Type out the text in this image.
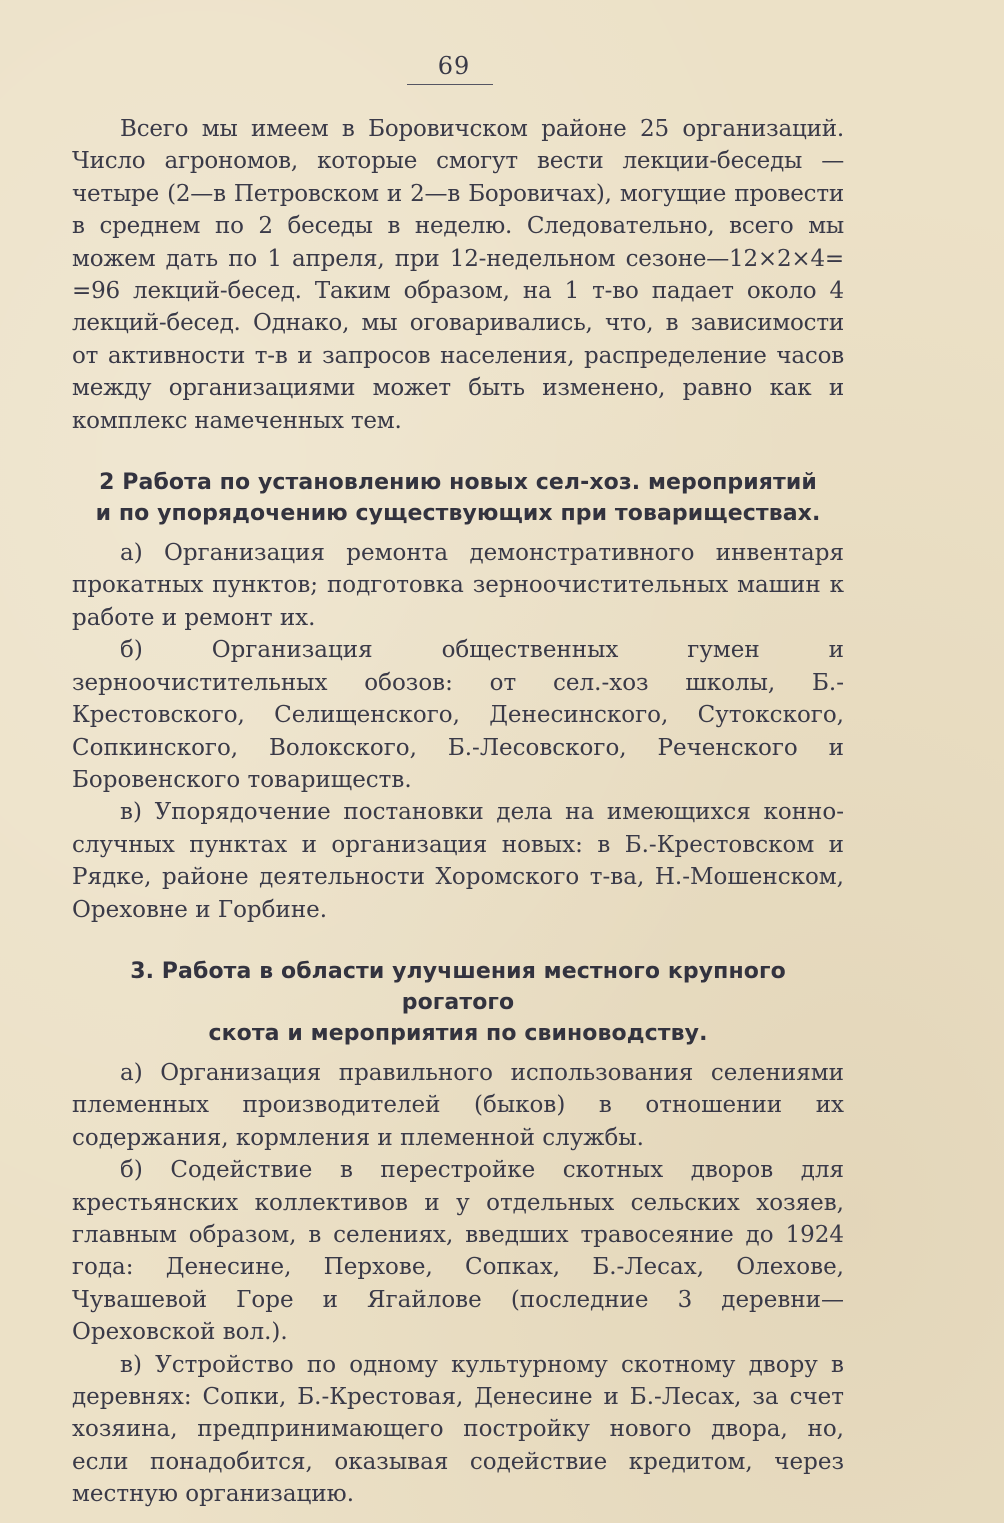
69

Всего мы имеем в Боровичском районе 25 организаций. Число агрономов, которые смогут вести лекции-беседы —четыре (2—в Петровском и 2—в Боровичах), могущие провести в среднем по 2 беседы в неделю. Следовательно, всего мы можем дать по 1 апреля, при 12-недельном сезоне—12×2×4= =96 лекций-бесед. Таким образом, на 1 т-во падает около 4 лекций-бесед. Однако, мы оговаривались, что, в зависимости от активности т-в и запросов населения, распределение часов между организациями может быть изменено, равно как и комплекс намеченных тем.

2 Работа по установлению новых сел-хоз. мероприятий
и по упорядочению существующих при товариществах.

а) Организация ремонта демонстративного инвентаря прокатных пунктов; подготовка зерноочистительных машин к работе и ремонт их.

б) Организация общественных гумен и зерноочистительных обозов: от сел.-хоз школы, Б.-Крестовского, Селищенского, Денесинского, Сутокского, Сопкинского, Волокского, Б.-Лесовского, Реченского и Боровенского товариществ.

в) Упорядочение постановки дела на имеющихся конно-случных пунктах и организация новых: в Б.-Крестовском и Рядке, районе деятельности Хоромского т-ва, Н.-Мошенском, Ореховне и Горбине.

3. Работа в области улучшения местного крупного рогатого
скота и мероприятия по свиноводству.

а) Организация правильного использования селениями племенных производителей (быков) в отношении их содержания, кормления и племенной службы.

б) Содействие в перестройке скотных дворов для крестьянских коллективов и у отдельных сельских хозяев, главным образом, в селениях, введших травосеяние до 1924 года: Денесине, Перхове, Сопках, Б.-Лесах, Олехове, Чувашевой Горе и Ягайлове (последние 3 деревни—Ореховской вол.).

в) Устройство по одному культурному скотному двору в деревнях: Сопки, Б.-Крестовая, Денесине и Б.-Лесах, за счет хозяина, предпринимающего постройку нового двора, но, если понадобится, оказывая содействие кредитом, через местную организацию.
